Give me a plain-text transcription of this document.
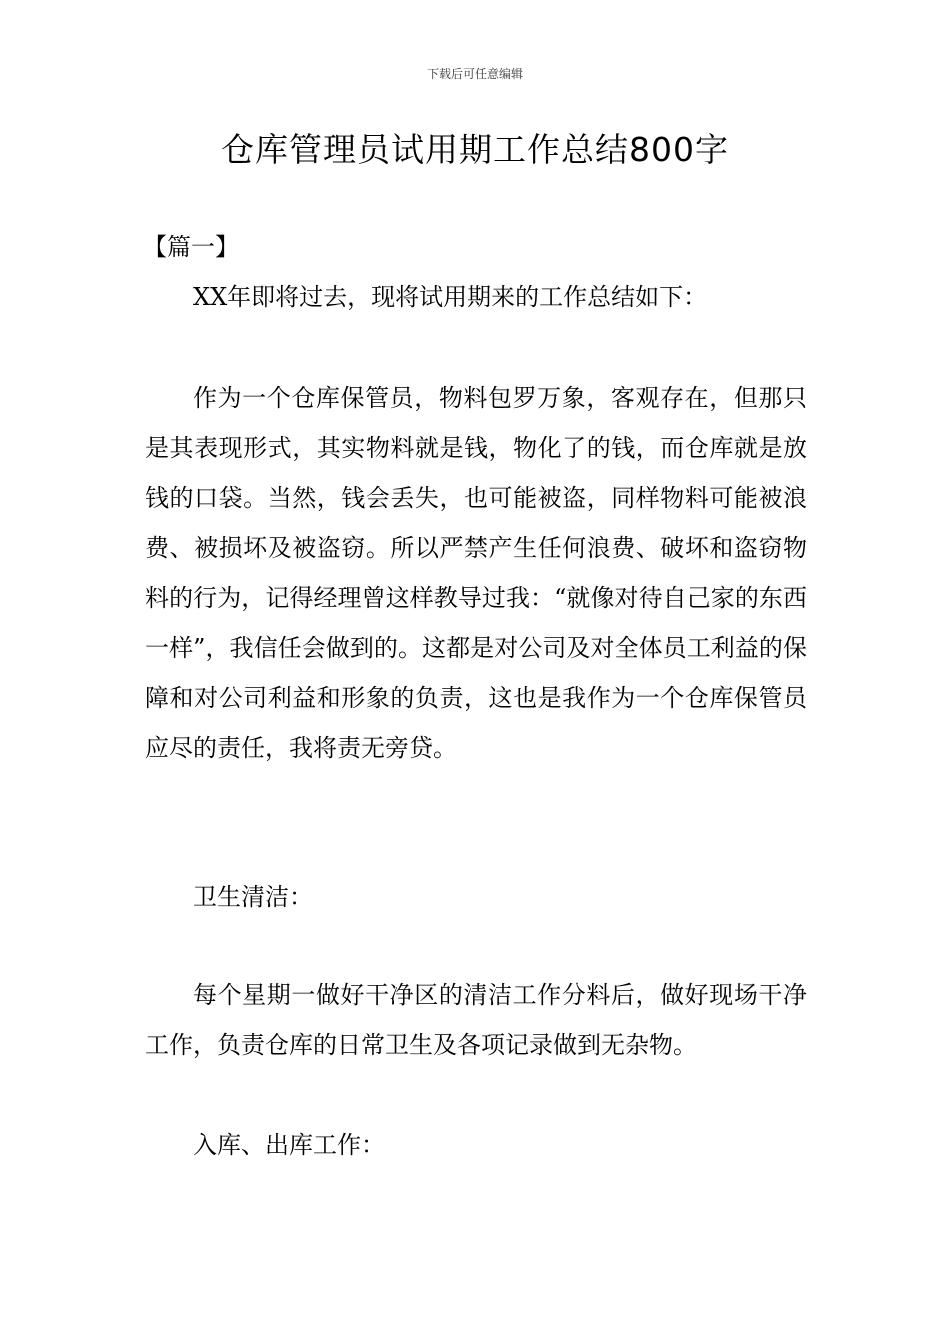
下载后可任意编辑
仓库管理员试用期工作总结800字
【篇一】

XX年即将过去，现将试用期来的工作总结如下：

作为一个仓库保管员，物料包罗万象，客观存在，但那只是其表现形式，其实物料就是钱，物化了的钱，而仓库就是放钱的口袋。当然，钱会丢失，也可能被盗，同样物料可能被浪费、被损坏及被盗窃。所以严禁产生任何浪费、破坏和盗窃物料的行为，记得经理曾这样教导过我：“就像对待自己家的东西一样”，我信任会做到的。这都是对公司及对全体员工利益的保障和对公司利益和形象的负责，这也是我作为一个仓库保管员应尽的责任，我将责无旁贷。

卫生清洁：

每个星期一做好干净区的清洁工作分料后，做好现场干净工作，负责仓库的日常卫生及各项记录做到无杂物。

入库、出库工作：
